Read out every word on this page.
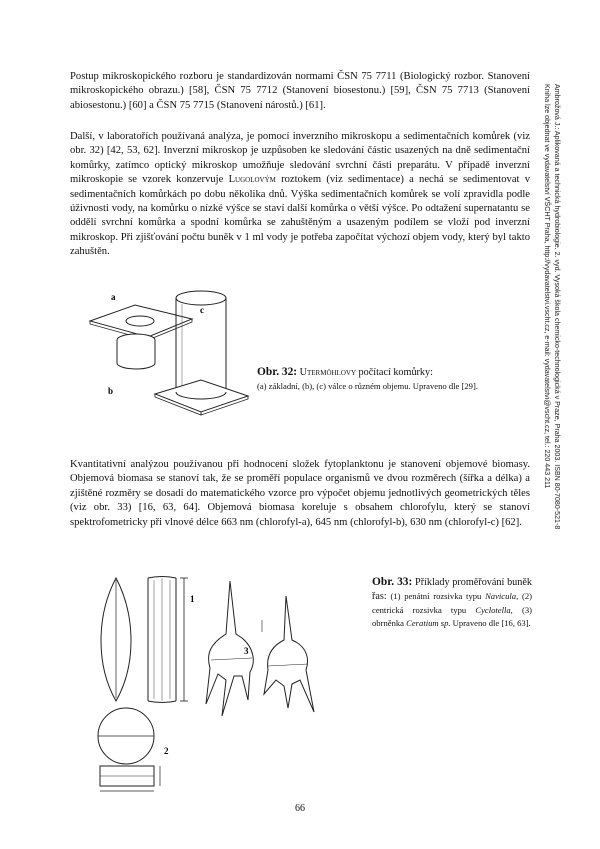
Ambrožová J.: Aplikovaná a technická hydrobiologie. 2. vyd. Vysoká škola chemicko-technologická v Praze, Praha 2003. ISBN 80-7080-521-8
Kniha lze objednat ve vydavatelství VŠCHT Praha, http://vydavatelstvi.vscht.cz, e-mail: vydavatelstvi@vscht.cz, tel.: 220 443 211

Postup mikroskopického rozboru je standardizován normami ČSN 75 7711 (Biologický rozbor. Stanovení mikroskopického obrazu.) [58], ČSN 75 7712 (Stanovení biosestonu.) [59], ČSN 75 7713 (Stanovení abiosestonu.) [60] a ČSN 75 7715 (Stanovení nárostů.) [61].

Další, v laboratořích používaná analýza, je pomocí inverzního mikroskopu a sedimentačních komůrek (viz obr. 32) [42, 53, 62]. Inverzní mikroskop je uzpůsoben ke sledování částic usazených na dně sedimentační komůrky, zatímco optický mikroskop umožňuje sledování svrchní části preparátu. V případě inverzní mikroskopie se vzorek konzervuje Lugolovým roztokem (viz sedimentace) a nechá se sedimentovat v sedimentačních komůrkách po dobu několika dnů. Výška sedimentačních komůrek se volí zpravidla podle úživnosti vody, na komůrku o nízké výšce se staví další komůrka o větší výšce. Po odtažení supernatantu se oddělí svrchní komůrka a spodní komůrka se zahuštěným a usazeným podílem se vloží pod inverzní mikroskop. Při zjišťování počtu buněk v 1 ml vody je potřeba započítat výchozí objem vody, který byl takto zahuštěn.

a
b
c

Obr. 32: Utermöhlovy počítací komůrky:
(a) základní, (b), (c) válce o různém objemu. Upraveno dle [29].

Kvantitativní analýzou používanou při hodnocení složek fytoplanktonu je stanovení objemové biomasy. Objemová biomasa se stanoví tak, že se proměří populace organismů ve dvou rozměrech (šířka a délka) a zjištěné rozměry se dosadí do matematického vzorce pro výpočet objemu jednotlivých geometrických těles (viz obr. 33) [16, 63, 64]. Objemová biomasa koreluje s obsahem chlorofylu, který se stanoví spektrofometricky při vlnové délce 663 nm (chlorofyl-a), 645 nm (chlorofyl-b), 630 nm (chlorofyl-c) [62].

1
2
3

Obr. 33: Příklady proměřování buněk řas: (1) penátní rozsivka typu Navicula, (2) centrická rozsivka typu Cyclotella, (3) obrněnka Ceratium sp. Upraveno dle [16, 63].

66
